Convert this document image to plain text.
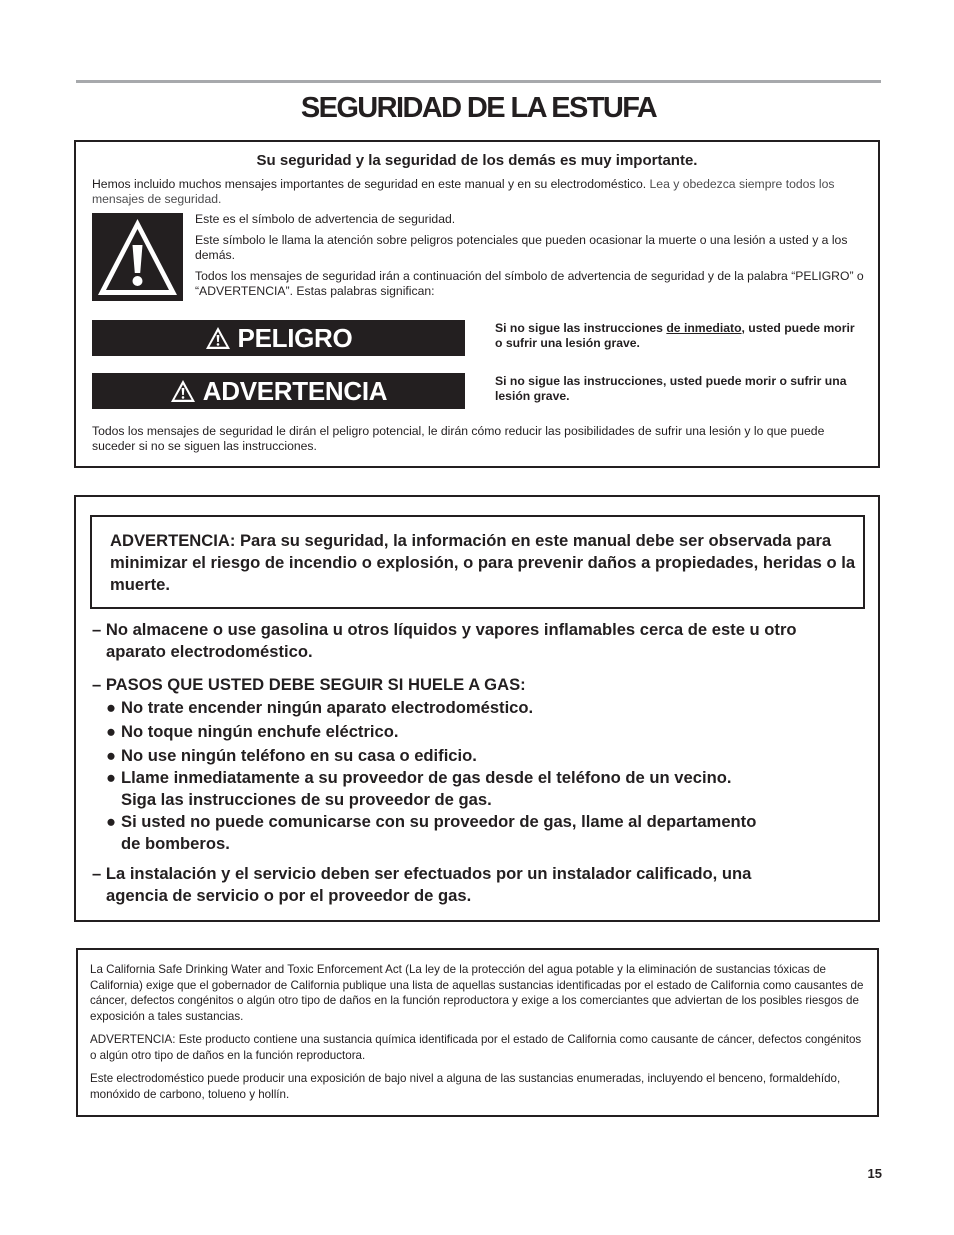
SEGURIDAD DE LA ESTUFA

Su seguridad y la seguridad de los demás es muy importante.

Hemos incluido muchos mensajes importantes de seguridad en este manual y en su electrodoméstico. Lea y obedezca siempre todos los mensajes de seguridad.

Este es el símbolo de advertencia de seguridad.

Este símbolo le llama la atención sobre peligros potenciales que pueden ocasionar la muerte o una lesión a usted y a los demás.

Todos los mensajes de seguridad irán a continuación del símbolo de advertencia de seguridad y de la palabra “PELIGRO” o “ADVERTENCIA”. Estas palabras significan:

PELIGRO	Si no sigue las instrucciones de inmediato, usted puede morir o sufrir una lesión grave.

ADVERTENCIA	Si no sigue las instrucciones, usted puede morir o sufrir una lesión grave.

Todos los mensajes de seguridad le dirán el peligro potencial, le dirán cómo reducir las posibilidades de sufrir una lesión y lo que puede suceder si no se siguen las instrucciones.

ADVERTENCIA: Para su seguridad, la información en este manual debe ser observada para minimizar el riesgo de incendio o explosión, o para prevenir daños a propiedades, heridas o la muerte.

– No almacene o use gasolina u otros líquidos y vapores inflamables cerca de este u otro
aparato electrodoméstico.

– PASOS QUE USTED DEBE SEGUIR SI HUELE A GAS:

● No trate encender ningún aparato electrodoméstico.

● No toque ningún enchufe eléctrico.

● No use ningún teléfono en su casa o edificio.

● Llame inmediatamente a su proveedor de gas desde el teléfono de un vecino.
Siga las instrucciones de su proveedor de gas.

● Si usted no puede comunicarse con su proveedor de gas, llame al departamento
de bomberos.

– La instalación y el servicio deben ser efectuados por un instalador calificado, una
agencia de servicio o por el proveedor de gas.

La California Safe Drinking Water and Toxic Enforcement Act (La ley de la protección del agua potable y la eliminación de sustancias tóxicas de California) exige que el gobernador de California publique una lista de aquellas sustancias identificadas por el estado de California como causantes de cáncer, defectos congénitos o algún otro tipo de daños en la función reproductora y exige a los comerciantes que adviertan de los posibles riesgos de exposición a tales sustancias.

ADVERTENCIA: Este producto contiene una sustancia química identificada por el estado de California como causante de cáncer, defectos congénitos o algún otro tipo de daños en la función reproductora.

Este electrodoméstico puede producir una exposición de bajo nivel a alguna de las sustancias enumeradas, incluyendo el benceno, formaldehído, monóxido de carbono, tolueno y hollín.

15
